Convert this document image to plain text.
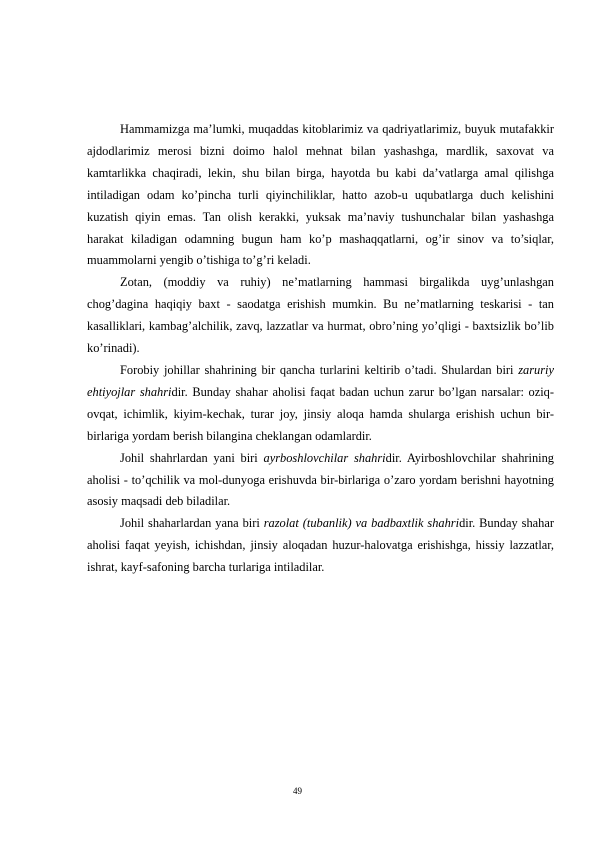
Hammamizga ma’lumki, muqaddas kitoblarimiz va qadriyatlarimiz, buyuk mutafakkir ajdodlarimiz merosi bizni doimo halol mehnat bilan yashashga, mardlik, saxovat va kamtarlikka chaqiradi, lekin, shu bilan birga, hayotda bu kabi da’vatlarga amal qilishga intiladigan odam ko’pincha turli qiyinchiliklar, hatto azob-u uqubatlarga duch kelishini kuzatish qiyin emas. Tan olish kerakki, yuksak ma’naviy tushunchalar bilan yashashga harakat kiladigan odamning bugun ham ko’p mashaqqatlarni, og’ir sinov va to’siqlar, muammolarni yengib o’tishiga to’g’ri keladi.

Zotan, (moddiy va ruhiy) ne’matlarning hammasi birgalikda uyg’unlashgan chog’dagina haqiqiy baxt - saodatga erishish mumkin. Bu ne’matlarning teskarisi - tan kasalliklari, kambag’alchilik, zavq, lazzatlar va hurmat, obro’ning yo’qligi - baxtsizlik bo’lib ko’rinadi).

Forobiy johillar shahrining bir qancha turlarini keltirib o’tadi. Shulardan biri zaruriy ehtiyojlar shahridir. Bunday shahar aholisi faqat badan uchun zarur bo’lgan narsalar: oziq-ovqat, ichimlik, kiyim-kechak, turar joy, jinsiy aloqa hamda shularga erishish uchun bir-birlariga yordam berish bilangina cheklangan odamlardir.

Johil shahrlardan yani biri ayrboshlovchilar shahridir. Ayirboshlovchilar shahrining aholisi - to’qchilik va mol-dunyoga erishuvda bir-birlariga o’zaro yordam berishni hayotning asosiy maqsadi deb biladilar.

Johil shaharlardan yana biri razolat (tubanlik) va badbaxtlik shahridir. Bunday shahar aholisi faqat yeyish, ichishdan, jinsiy aloqadan huzur-halovatga erishishga, hissiy lazzatlar, ishrat, kayf-safoning barcha turlariga intiladilar.

49
